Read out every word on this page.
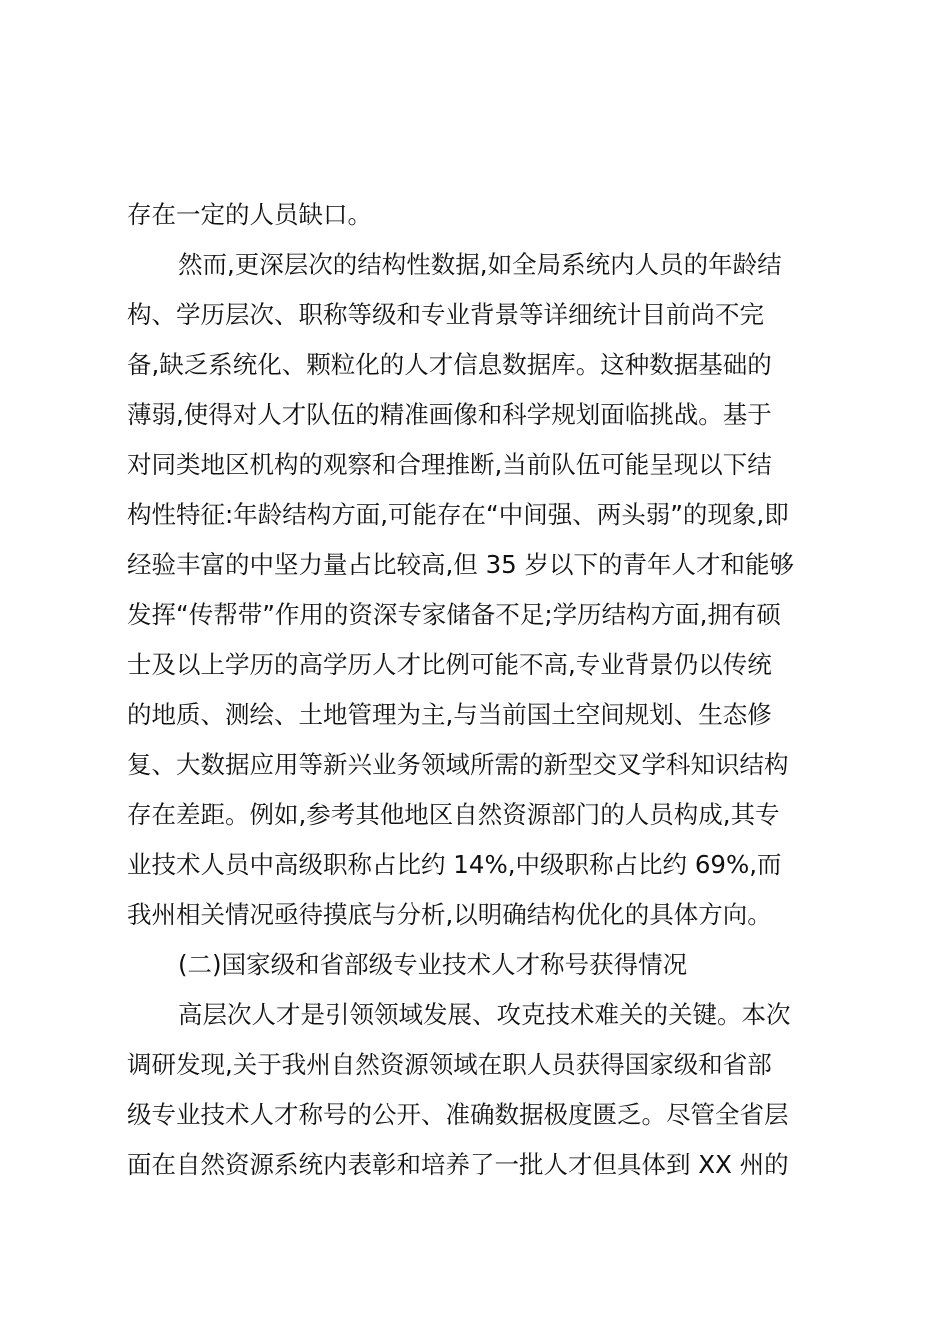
存在一定的人员缺口。
然而,更深层次的结构性数据,如全局系统内人员的年龄结
构、学历层次、职称等级和专业背景等详细统计目前尚不完
备,缺乏系统化、颗粒化的人才信息数据库。这种数据基础的
薄弱,使得对人才队伍的精准画像和科学规划面临挑战。基于
对同类地区机构的观察和合理推断,当前队伍可能呈现以下结
构性特征:年龄结构方面,可能存在“中间强、两头弱”的现象,即
经验丰富的中坚力量占比较高,但 35 岁以下的青年人才和能够
发挥“传帮带”作用的资深专家储备不足;学历结构方面,拥有硕
士及以上学历的高学历人才比例可能不高,专业背景仍以传统
的地质、测绘、土地管理为主,与当前国土空间规划、生态修
复、大数据应用等新兴业务领域所需的新型交叉学科知识结构
存在差距。例如,参考其他地区自然资源部门的人员构成,其专
业技术人员中高级职称占比约 14%,中级职称占比约 69%,而
我州相关情况亟待摸底与分析,以明确结构优化的具体方向。
(二)国家级和省部级专业技术人才称号获得情况
高层次人才是引领领域发展、攻克技术难关的关键。本次
调研发现,关于我州自然资源领域在职人员获得国家级和省部
级专业技术人才称号的公开、准确数据极度匮乏。尽管全省层
面在自然资源系统内表彰和培养了一批人才但具体到 XX 州的
